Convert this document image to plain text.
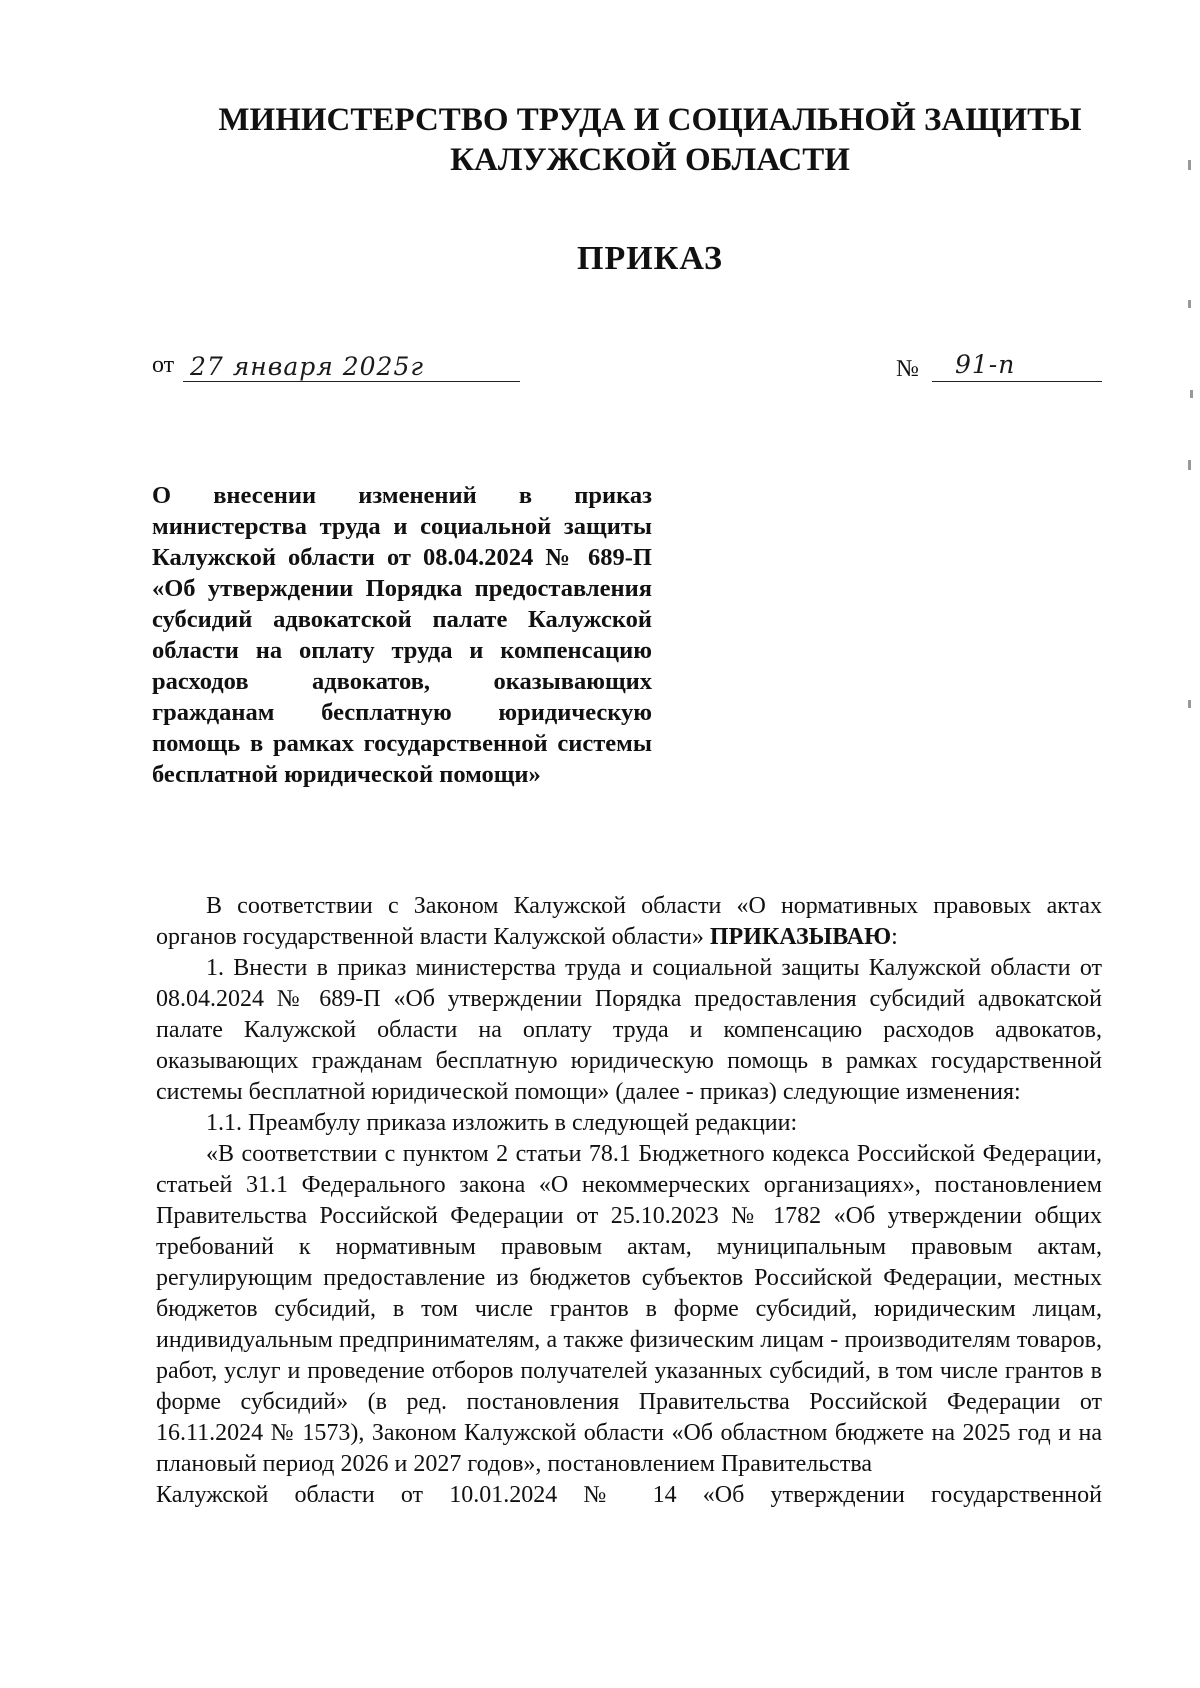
МИНИСТЕРСТВО ТРУДА И СОЦИАЛЬНОЙ ЗАЩИТЫ
КАЛУЖСКОЙ ОБЛАСТИ
ПРИКАЗ
от 27 января 2025г	№ 91-п
О внесении изменений в приказ министерства труда и социальной защиты Калужской области от 08.04.2024 № 689-П «Об утверждении Порядка предоставления субсидий адвокатской палате Калужской области на оплату труда и компенсацию расходов адвокатов, оказывающих гражданам бесплатную юридическую помощь в рамках государственной системы бесплатной юридической помощи»

В соответствии с Законом Калужской области «О нормативных правовых актах органов государственной власти Калужской области» ПРИКАЗЫВАЮ:

1. Внести в приказ министерства труда и социальной защиты Калужской области от 08.04.2024 № 689-П «Об утверждении Порядка предоставления субсидий адвокатской палате Калужской области на оплату труда и компенсацию расходов адвокатов, оказывающих гражданам бесплатную юридическую помощь в рамках государственной системы бесплатной юридической помощи» (далее - приказ) следующие изменения:

1.1. Преамбулу приказа изложить в следующей редакции:

«В соответствии с пунктом 2 статьи 78.1 Бюджетного кодекса Российской Федерации, статьей 31.1 Федерального закона «О некоммерческих организациях», постановлением Правительства Российской Федерации от 25.10.2023 № 1782 «Об утверждении общих требований к нормативным правовым актам, муниципальным правовым актам, регулирующим предоставление из бюджетов субъектов Российской Федерации, местных бюджетов субсидий, в том числе грантов в форме субсидий, юридическим лицам, индивидуальным предпринимателям, а также физическим лицам - производителям товаров, работ, услуг и проведение отборов получателей указанных субсидий, в том числе грантов в форме субсидий» (в ред. постановления Правительства Российской Федерации от 16.11.2024 № 1573), Законом Калужской области «Об областном бюджете на 2025 год и на плановый период 2026 и 2027 годов», постановлением Правительства

Калужской области от 10.01.2024 № 14 «Об утверждении государственной
